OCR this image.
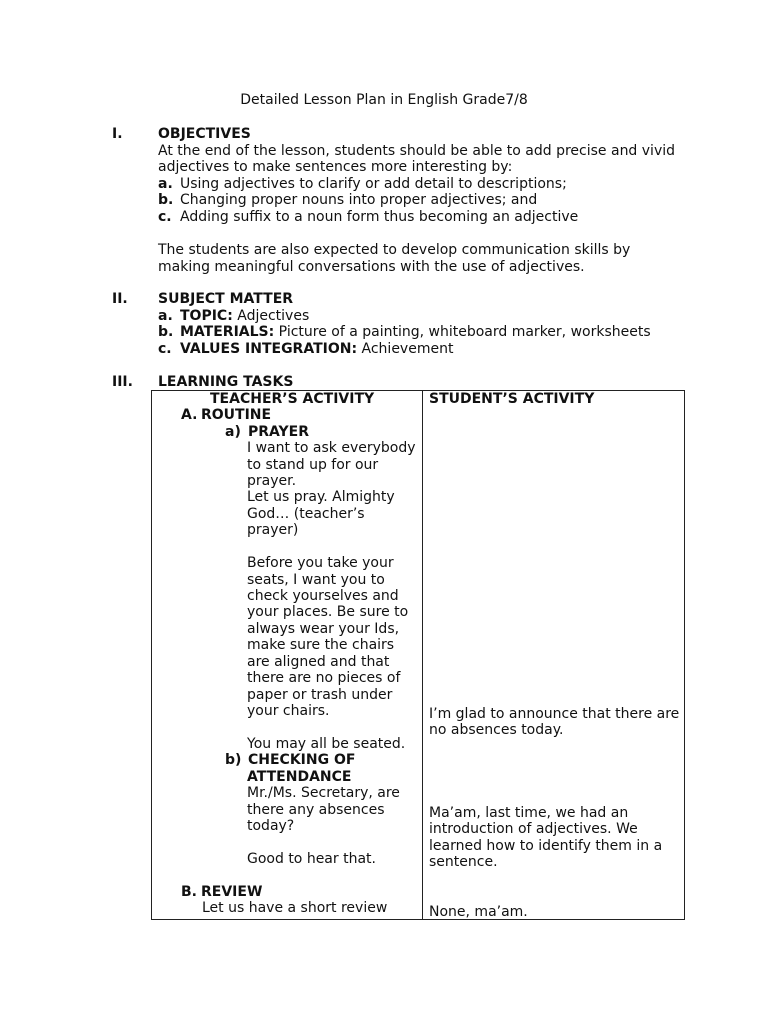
Detailed Lesson Plan in English Grade7/8
I.	OBJECTIVES
At the end of the lesson, students should be able to add precise and vivid
adjectives to make sentences more interesting by:
a. Using adjectives to clarify or add detail to descriptions;
b. Changing proper nouns into proper adjectives; and
c. Adding suffix to a noun form thus becoming an adjective
The students are also expected to develop communication skills by
making meaningful conversations with the use of adjectives.
II. SUBJECT MATTER
a. TOPIC: Adjectives
b. MATERIALS: Picture of a painting, whiteboard marker, worksheets
c. VALUES INTEGRATION: Achievement
III. LEARNING TASKS
TEACHER’S ACTIVITY
A. ROUTINE
a) PRAYER
I want to ask everybody
to stand up for our
prayer.
Let us pray. Almighty
God… (teacher’s
prayer)
Before you take your
seats, I want you to
check yourselves and
your places. Be sure to
always wear your Ids,
make sure the chairs
are aligned and that
there are no pieces of
paper or trash under
your chairs.
You may all be seated.
b) CHECKING OF
ATTENDANCE
Mr./Ms. Secretary, are
there any absences
today?
Good to hear that.
B. REVIEW
Let us have a short review
STUDENT’S ACTIVITY
I’m glad to announce that there are
no absences today.
Ma’am, last time, we had an
introduction of adjectives. We
learned how to identify them in a
sentence.
None, ma’am.
